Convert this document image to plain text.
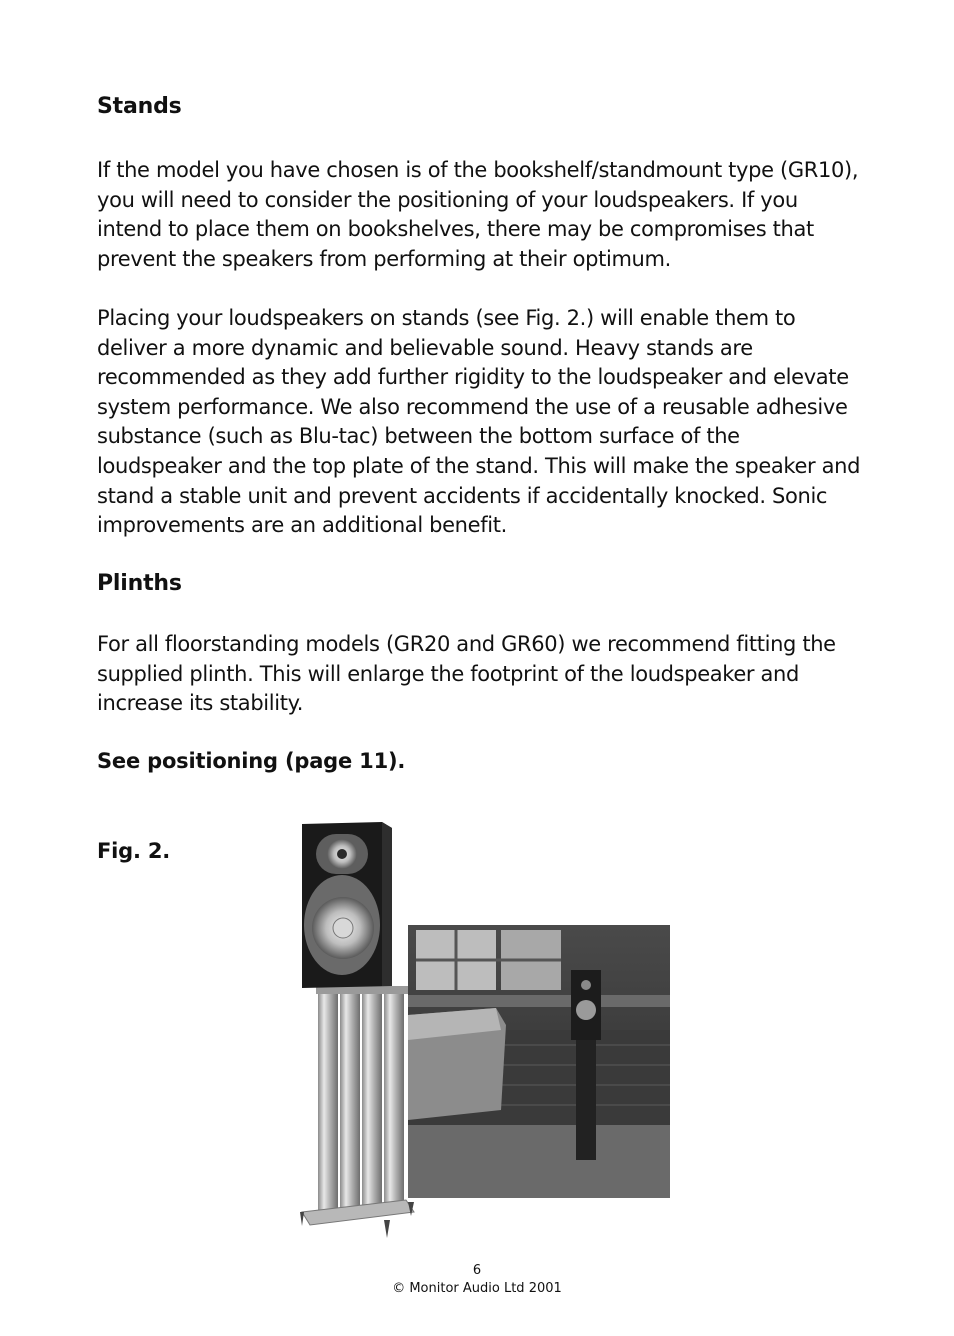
Stands
If the model you have chosen is of the bookshelf/standmount type (GR10), you will need to consider the positioning of your loudspeakers. If you intend to place them on bookshelves, there may be compromises that prevent the speakers from performing at their optimum.
Placing your loudspeakers on stands (see Fig. 2.) will enable them to deliver a more dynamic and believable sound. Heavy stands are recommended as they add further rigidity to the loudspeaker and elevate system performance. We also recommend the use of a reusable adhesive substance (such as Blu-tac) between the bottom surface of the loudspeaker and the top plate of the stand. This will make the speaker and stand a stable unit and prevent accidents if accidentally knocked. Sonic improvements are an additional benefit.
Plinths
For all floorstanding models (GR20 and GR60) we recommend fitting the supplied plinth. This will enlarge the footprint of the loudspeaker and increase its stability.
See positioning (page 11).
Fig. 2.
6
© Monitor Audio Ltd 2001
